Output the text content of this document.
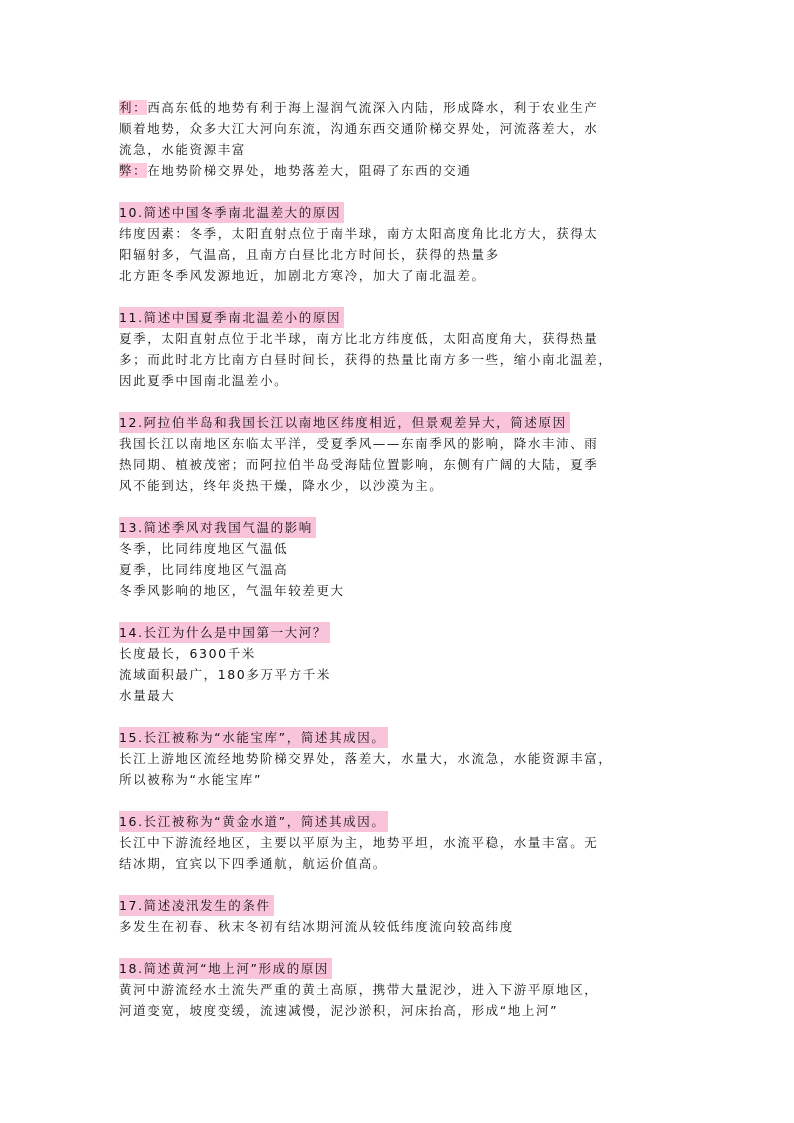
利：西高东低的地势有利于海上湿润气流深入内陆，形成降水，利于农业生产
顺着地势，众多大江大河向东流，沟通东西交通阶梯交界处，河流落差大，水
流急，水能资源丰富
弊：在地势阶梯交界处，地势落差大，阻碍了东西的交通
10.简述中国冬季南北温差大的原因
纬度因素：冬季，太阳直射点位于南半球，南方太阳高度角比北方大，获得太
阳辐射多，气温高，且南方白昼比北方时间长，获得的热量多
北方距冬季风发源地近，加剧北方寒冷，加大了南北温差。
11.简述中国夏季南北温差小的原因
夏季，太阳直射点位于北半球，南方比北方纬度低，太阳高度角大，获得热量
多；而此时北方比南方白昼时间长，获得的热量比南方多一些，缩小南北温差，
因此夏季中国南北温差小。
12.阿拉伯半岛和我国长江以南地区纬度相近，但景观差异大，简述原因
我国长江以南地区东临太平洋，受夏季风——东南季风的影响，降水丰沛、雨
热同期、植被茂密；而阿拉伯半岛受海陆位置影响，东侧有广阔的大陆，夏季
风不能到达，终年炎热干燥，降水少，以沙漠为主。
13.简述季风对我国气温的影响
冬季，比同纬度地区气温低
夏季，比同纬度地区气温高
冬季风影响的地区，气温年较差更大
14.长江为什么是中国第一大河？
长度最长，6300千米
流域面积最广，180多万平方千米
水量最大
15.长江被称为“水能宝库”，简述其成因。
长江上游地区流经地势阶梯交界处，落差大，水量大，水流急，水能资源丰富，
所以被称为“水能宝库”
16.长江被称为“黄金水道”，简述其成因。
长江中下游流经地区，主要以平原为主，地势平坦，水流平稳，水量丰富。无
结冰期，宜宾以下四季通航，航运价值高。
17.简述凌汛发生的条件
多发生在初春、秋末冬初有结冰期河流从较低纬度流向较高纬度
18.简述黄河“地上河”形成的原因
黄河中游流经水土流失严重的黄土高原，携带大量泥沙，进入下游平原地区，
河道变宽，坡度变缓，流速减慢，泥沙淤积，河床抬高，形成“地上河”
